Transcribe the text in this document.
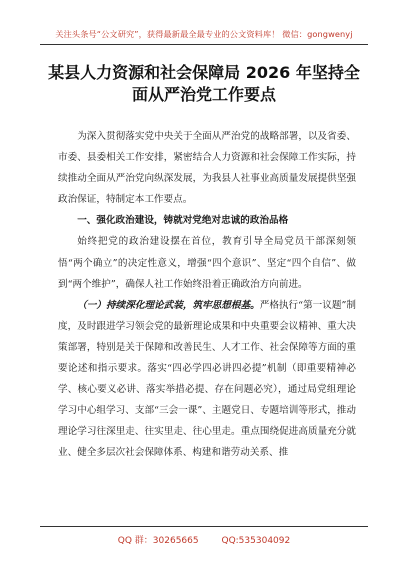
关注头条号“公文研究”，获得最新最全最专业的公文资料库！ 微信：gongwenyj
某县人力资源和社会保障局 2026 年坚持全面从严治党工作要点

为深入贯彻落实党中央关于全面从严治党的战略部署，以及省委、市委、县委相关工作安排，紧密结合人力资源和社会保障工作实际，持续推动全面从严治党向纵深发展，为我县人社事业高质量发展提供坚强政治保证，特制定本工作要点。

一、强化政治建设，铸就对党绝对忠诚的政治品格

始终把党的政治建设摆在首位，教育引导全局党员干部深刻领悟“两个确立”的决定性意义，增强“四个意识”、坚定“四个自信”、做到“两个维护”，确保人社工作始终沿着正确政治方向前进。

（一）持续深化理论武装，筑牢思想根基。严格执行“第一议题”制度，及时跟进学习领会党的最新理论成果和中央重要会议精神、重大决策部署，特别是关于保障和改善民生、人才工作、社会保障等方面的重要论述和指示要求。落实“四必学四必讲四必提”机制（即重要精神必学、核心要义必讲、落实举措必提、存在问题必究），通过局党组理论学习中心组学习、支部“三会一课”、主题党日、专题培训等形式，推动理论学习往深里走、往实里走、往心里走。重点围绕促进高质量充分就业、健全多层次社会保障体系、构建和谐劳动关系、推

QQ 群：30265665	QQ:535304092
